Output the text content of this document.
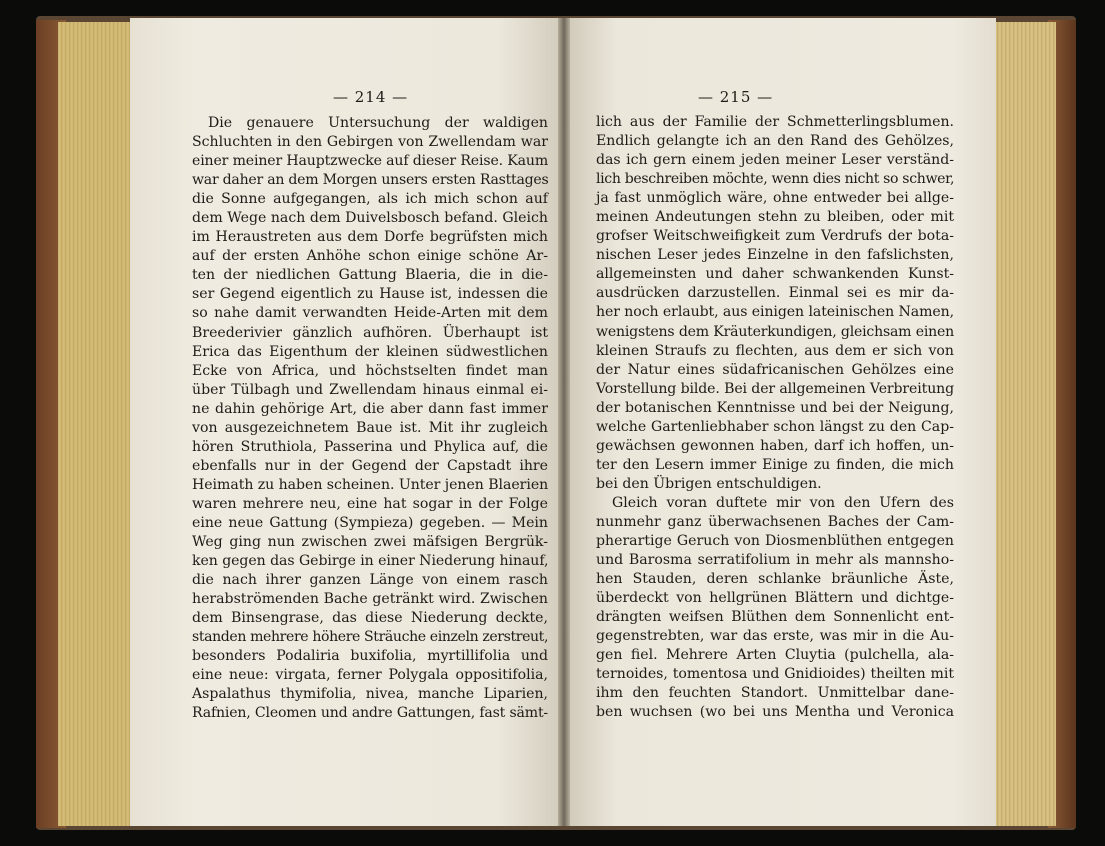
— 214 —
Die genauere Untersuchung der waldigen
Schluchten in den Gebirgen von Zwellendam war
einer meiner Hauptzwecke auf dieser Reise. Kaum
war daher an dem Morgen unsers ersten Rasttages
die Sonne aufgegangen, als ich mich schon auf
dem Wege nach dem Duivelsbosch befand. Gleich
im Heraustreten aus dem Dorfe begrüfsten mich
auf der ersten Anhöhe schon einige schöne Ar-
ten der niedlichen Gattung Blaeria, die in die-
ser Gegend eigentlich zu Hause ist, indessen die
so nahe damit verwandten Heide-Arten mit dem
Breederivier gänzlich aufhören. Überhaupt ist
Erica das Eigenthum der kleinen südwestlichen
Ecke von Africa, und höchstselten findet man
über Tülbagh und Zwellendam hinaus einmal ei-
ne dahin gehörige Art, die aber dann fast immer
von ausgezeichnetem Baue ist. Mit ihr zugleich
hören Struthiola, Passerina und Phylica auf, die
ebenfalls nur in der Gegend der Capstadt ihre
Heimath zu haben scheinen. Unter jenen Blaerien
waren mehrere neu, eine hat sogar in der Folge
eine neue Gattung (Sympieza) gegeben. — Mein
Weg ging nun zwischen zwei mäfsigen Bergrük-
ken gegen das Gebirge in einer Niederung hinauf,
die nach ihrer ganzen Länge von einem rasch
herabströmenden Bache getränkt wird. Zwischen
dem Binsengrase, das diese Niederung deckte,
standen mehrere höhere Sträuche einzeln zerstreut,
besonders Podaliria buxifolia, myrtillifolia und
eine neue: virgata, ferner Polygala oppositifolia,
Aspalathus thymifolia, nivea, manche Liparien,
Rafnien, Cleomen und andre Gattungen, fast sämt-
— 215 —
lich aus der Familie der Schmetterlingsblumen.
Endlich gelangte ich an den Rand des Gehölzes,
das ich gern einem jeden meiner Leser verständ-
lich beschreiben möchte, wenn dies nicht so schwer,
ja fast unmöglich wäre, ohne entweder bei allge-
meinen Andeutungen stehn zu bleiben, oder mit
grofser Weitschweifigkeit zum Verdrufs der bota-
nischen Leser jedes Einzelne in den fafslichsten,
allgemeinsten und daher schwankenden Kunst-
ausdrücken darzustellen. Einmal sei es mir da-
her noch erlaubt, aus einigen lateinischen Namen,
wenigstens dem Kräuterkundigen, gleichsam einen
kleinen Straufs zu flechten, aus dem er sich von
der Natur eines südafricanischen Gehölzes eine
Vorstellung bilde. Bei der allgemeinen Verbreitung
der botanischen Kenntnisse und bei der Neigung,
welche Gartenliebhaber schon längst zu den Cap-
gewächsen gewonnen haben, darf ich hoffen, un-
ter den Lesern immer Einige zu finden, die mich
bei den Übrigen entschuldigen.
Gleich voran duftete mir von den Ufern des
nunmehr ganz überwachsenen Baches der Cam-
pherartige Geruch von Diosmenblüthen entgegen
und Barosma serratifolium in mehr als mannsho-
hen Stauden, deren schlanke bräunliche Äste,
überdeckt von hellgrünen Blättern und dichtge-
drängten weifsen Blüthen dem Sonnenlicht ent-
gegenstrebten, war das erste, was mir in die Au-
gen fiel. Mehrere Arten Cluytia (pulchella, ala-
ternoides, tomentosa und Gnidioides) theilten mit
ihm den feuchten Standort. Unmittelbar dane-
ben wuchsen (wo bei uns Mentha und Veronica
